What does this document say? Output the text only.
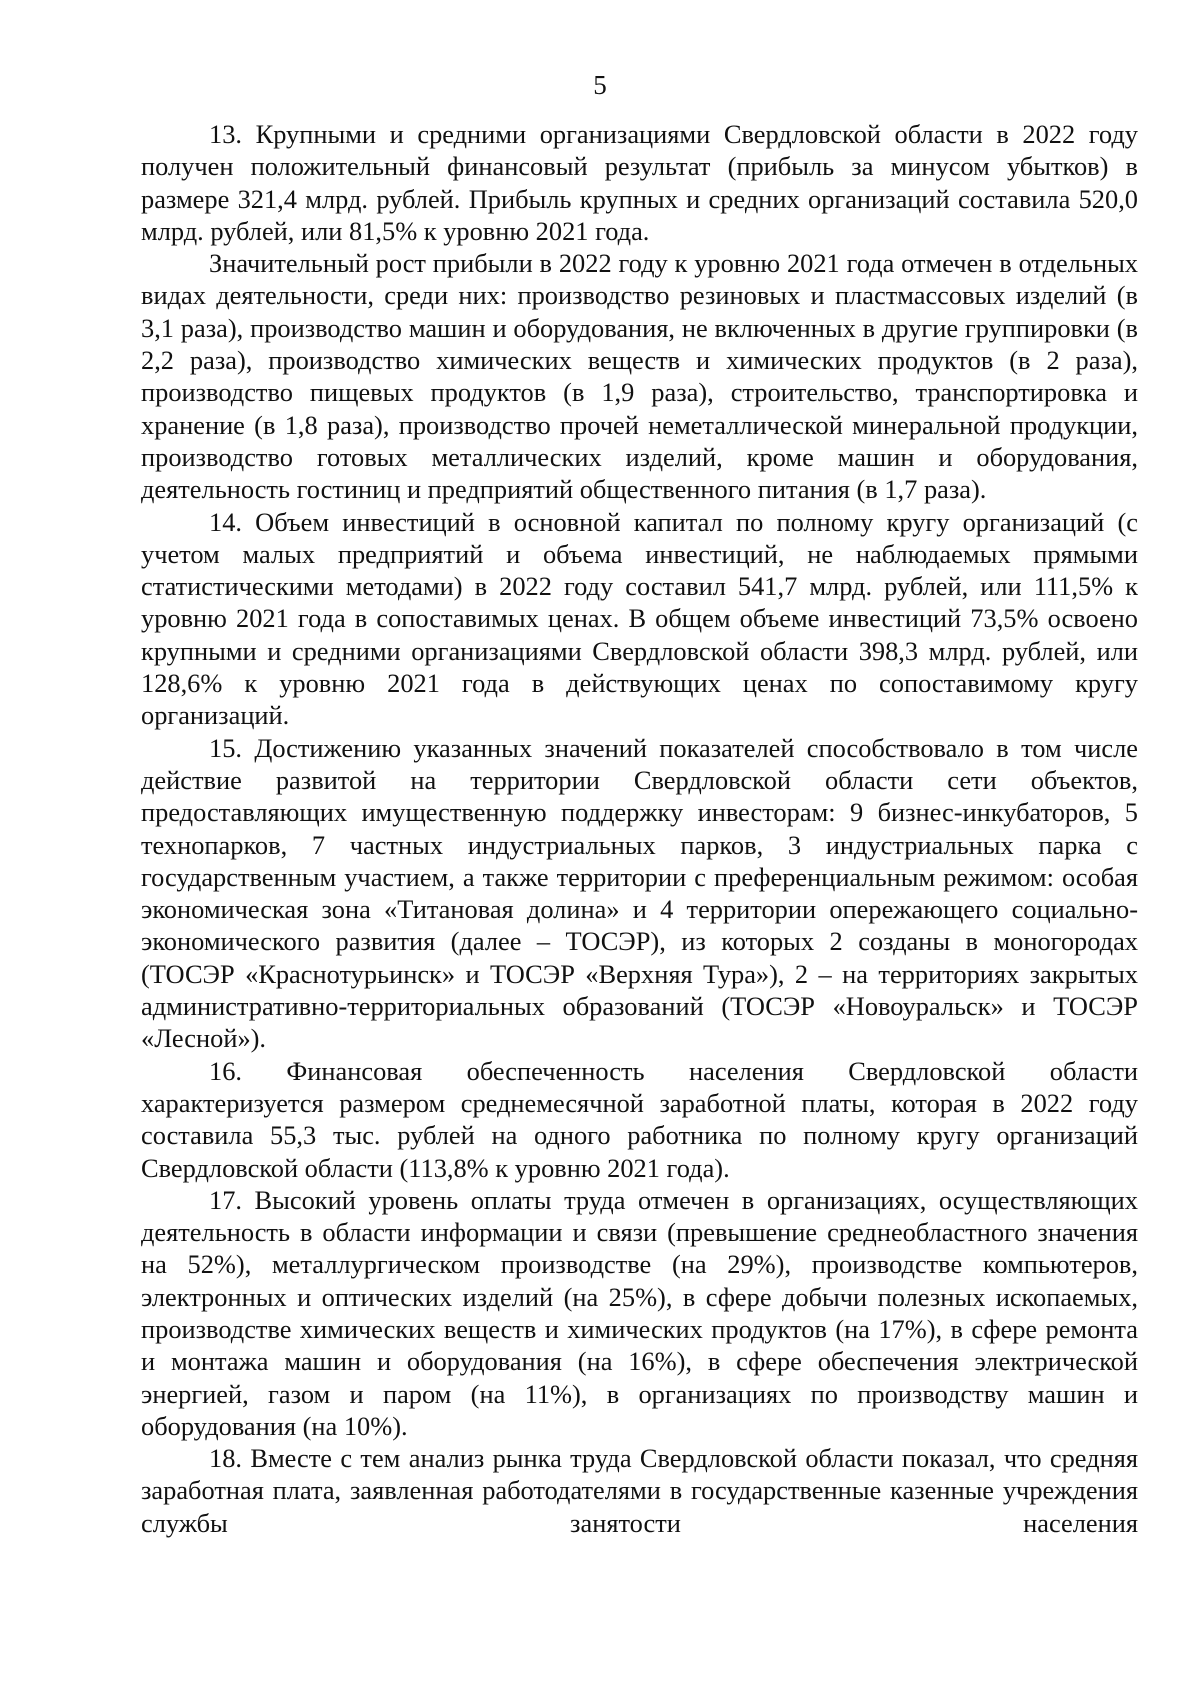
5

13. Крупными и средними организациями Свердловской области в 2022 году получен положительный финансовый результат (прибыль за минусом убытков) в размере 321,4 млрд. рублей. Прибыль крупных и средних организаций составила 520,0 млрд. рублей, или 81,5% к уровню 2021 года.

Значительный рост прибыли в 2022 году к уровню 2021 года отмечен в отдельных видах деятельности, среди них: производство резиновых и пластмассовых изделий (в 3,1 раза), производство машин и оборудования, не включенных в другие группировки (в 2,2 раза), производство химических веществ и химических продуктов (в 2 раза), производство пищевых продуктов (в 1,9 раза), строительство, транспортировка и хранение (в 1,8 раза), производство прочей неметаллической минеральной продукции, производство готовых металлических изделий, кроме машин и оборудования, деятельность гостиниц и предприятий общественного питания (в 1,7 раза).

14. Объем инвестиций в основной капитал по полному кругу организаций (с учетом малых предприятий и объема инвестиций, не наблюдаемых прямыми статистическими методами) в 2022 году составил 541,7 млрд. рублей, или 111,5% к уровню 2021 года в сопоставимых ценах. В общем объеме инвестиций 73,5% освоено крупными и средними организациями Свердловской области 398,3 млрд. рублей, или 128,6% к уровню 2021 года в действующих ценах по сопоставимому кругу организаций.

15. Достижению указанных значений показателей способствовало в том числе действие развитой на территории Свердловской области сети объектов, предоставляющих имущественную поддержку инвесторам: 9 бизнес-инкубаторов, 5 технопарков, 7 частных индустриальных парков, 3 индустриальных парка с государственным участием, а также территории с преференциальным режимом: особая экономическая зона «Титановая долина» и 4 территории опережающего социально-экономического развития (далее – ТОСЭР), из которых 2 созданы в моногородах (ТОСЭР «Краснотурьинск» и ТОСЭР «Верхняя Тура»), 2 – на территориях закрытых административно-территориальных образований (ТОСЭР «Новоуральск» и ТОСЭР «Лесной»).

16. Финансовая обеспеченность населения Свердловской области характеризуется размером среднемесячной заработной платы, которая в 2022 году составила 55,3 тыс. рублей на одного работника по полному кругу организаций Свердловской области (113,8% к уровню 2021 года).

17. Высокий уровень оплаты труда отмечен в организациях, осуществляющих деятельность в области информации и связи (превышение среднеобластного значения на 52%), металлургическом производстве (на 29%), производстве компьютеров, электронных и оптических изделий (на 25%), в сфере добычи полезных ископаемых, производстве химических веществ и химических продуктов (на 17%), в сфере ремонта и монтажа машин и оборудования (на 16%), в сфере обеспечения электрической энергией, газом и паром (на 11%), в организациях по производству машин и оборудования (на 10%).

18. Вместе с тем анализ рынка труда Свердловской области показал, что средняя заработная плата, заявленная работодателями в государственные казенные учреждения службы занятости населения
